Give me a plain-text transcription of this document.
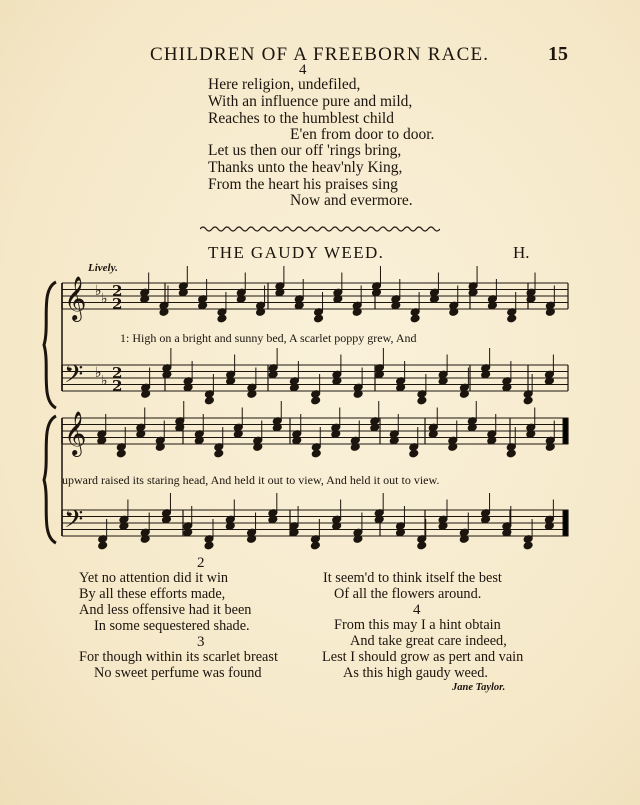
CHILDREN OF A FREEBORN RACE.	15
4
Here religion, undefiled,
With an influence pure and mild,
Reaches to the humblest child
E'en from door to door.
Let us then our off 'rings bring,
Thanks unto the heav'nly King,
From the heart his praises sing
Now and evermore.
THE GAUDY WEED.	H.
Lively.
𝄞
𝄞
𝄢
𝄢
♭ ♭ 2
2
♭ ♭ 2
2
1: High on a bright and sunny bed, A scarlet poppy grew, And
upward raised its staring head, And held it out to view, And held it out to view.
2
Yet no attention did it win
By all these efforts made,
And less offensive had it been
In some sequestered shade.
3
For though within its scarlet breast
No sweet perfume was found
It seem'd to think itself the best
Of all the flowers around.
4
From this may I a hint obtain
And take great care indeed,
Lest I should grow as pert and vain
As this high gaudy weed.
Jane Taylor.
